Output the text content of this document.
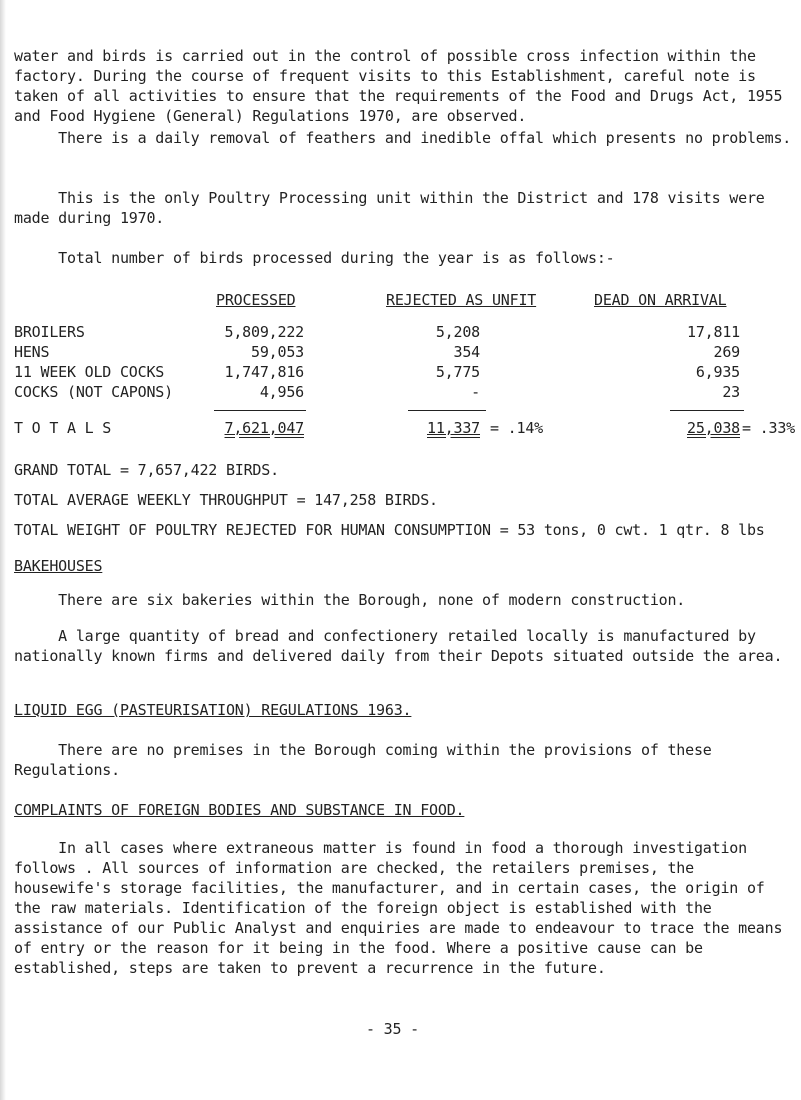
water and birds is carried out in the control of possible cross infection within the factory. During the course of frequent visits to this Establishment, careful note is taken of all activities to ensure that the requirements of the Food and Drugs Act, 1955 and Food Hygiene (General) Regulations 1970, are observed.

There is a daily removal of feathers and inedible offal which presents no problems.

This is the only Poultry Processing unit within the District and 178 visits were made during 1970.

Total number of birds processed during the year is as follows:-

PROCESSED	REJECTED AS UNFIT	DEAD ON ARRIVAL
BROILERS	5,809,222	5,208	17,811
HENS	59,053	354	269
11 WEEK OLD COCKS	1,747,816	5,775	6,935
COCKS (NOT CAPONS)	4,956	-	23
T O T A L S	7,621,047	11,337 = .14%	25,038 = .33%
GRAND TOTAL = 7,657,422 BIRDS.
TOTAL AVERAGE WEEKLY THROUGHPUT = 147,258 BIRDS.
TOTAL WEIGHT OF POULTRY REJECTED FOR HUMAN CONSUMPTION = 53 tons, 0 cwt. 1 qtr. 8 lbs
BAKEHOUSES

There are six bakeries within the Borough, none of modern construction.

A large quantity of bread and confectionery retailed locally is manufactured by nationally known firms and delivered daily from their Depots situated outside the area.

LIQUID EGG (PASTEURISATION) REGULATIONS 1963.

There are no premises in the Borough coming within the provisions of these Regulations.

COMPLAINTS OF FOREIGN BODIES AND SUBSTANCE IN FOOD.

In all cases where extraneous matter is found in food a thorough investigation follows . All sources of information are checked, the retailers premises, the housewife's storage facilities, the manufacturer, and in certain cases, the origin of the raw materials. Identification of the foreign object is established with the assistance of our Public Analyst and enquiries are made to endeavour to trace the means of entry or the reason for it being in the food. Where a positive cause can be established, steps are taken to prevent a recurrence in the future.

- 35 -
